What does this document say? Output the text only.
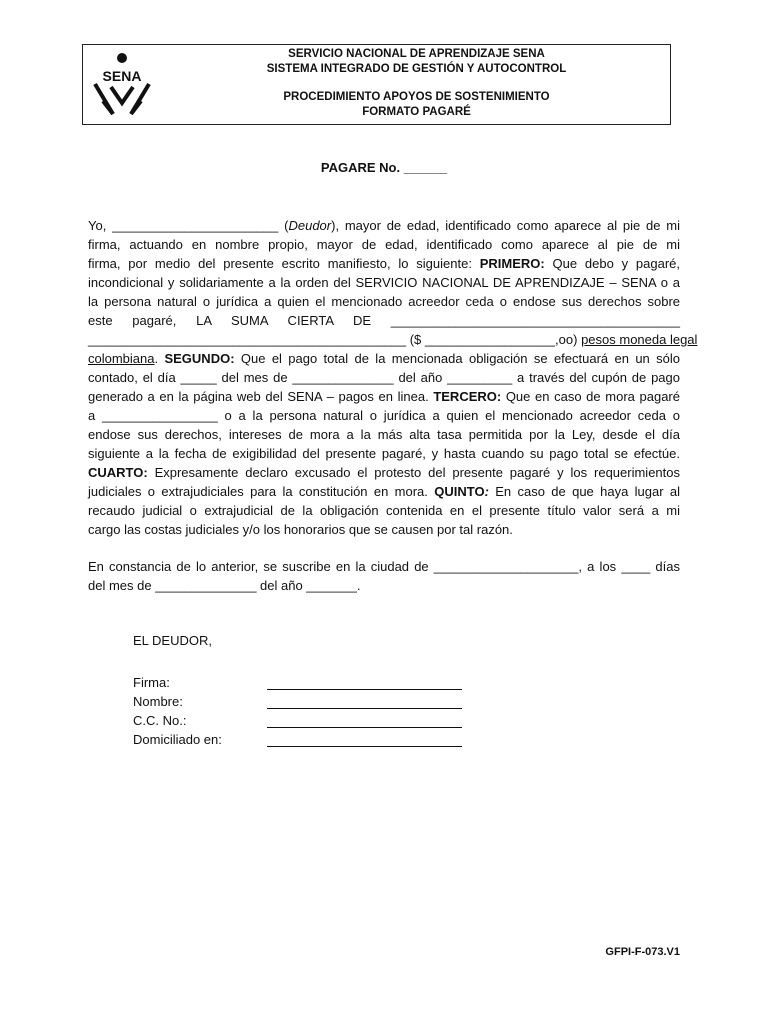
SENA
SERVICIO NACIONAL DE APRENDIZAJE SENA
SISTEMA INTEGRADO DE GESTIÓN Y AUTOCONTROL
PROCEDIMIENTO APOYOS DE SOSTENIMIENTO
FORMATO PAGARÉ
PAGARE No. ______
Yo, _______________________ (Deudor), mayor de edad, identificado como aparece al pie de mi
firma, actuando en nombre propio, mayor de edad, identificado como aparece al pie de mi
firma, por medio del presente escrito manifiesto, lo siguiente: PRIMERO: Que debo y pagaré,
incondicional y solidariamente a la orden del SERVICIO NACIONAL DE APRENDIZAJE – SENA o a
la persona natural o jurídica a quien el mencionado acreedor ceda o endose sus derechos sobre
este pagaré, LA SUMA CIERTA DE ________________________________________
____________________________________________ ($ __________________,oo) pesos moneda legal
colombiana. SEGUNDO: Que el pago total de la mencionada obligación se efectuará en un sólo
contado, el día _____ del mes de ______________ del año _________ a través del cupón de pago
generado a en la página web del SENA – pagos en linea. TERCERO: Que en caso de mora pagaré
a ________________ o a la persona natural o jurídica a quien el mencionado acreedor ceda o
endose sus derechos, intereses de mora a la más alta tasa permitida por la Ley, desde el día
siguiente a la fecha de exigibilidad del presente pagaré, y hasta cuando su pago total se efectúe.
CUARTO: Expresamente declaro excusado el protesto del presente pagaré y los requerimientos
judiciales o extrajudiciales para la constitución en mora. QUINTO: En caso de que haya lugar al
recaudo judicial o extrajudicial de la obligación contenida en el presente título valor será a mi
cargo las costas judiciales y/o los honorarios que se causen por tal razón.
En constancia de lo anterior, se suscribe en la ciudad de ____________________, a los ____ días
del mes de ______________ del año _______.
EL DEUDOR,
Firma:
Nombre:
C.C. No.:
Domiciliado en:
GFPI-F-073.V1
